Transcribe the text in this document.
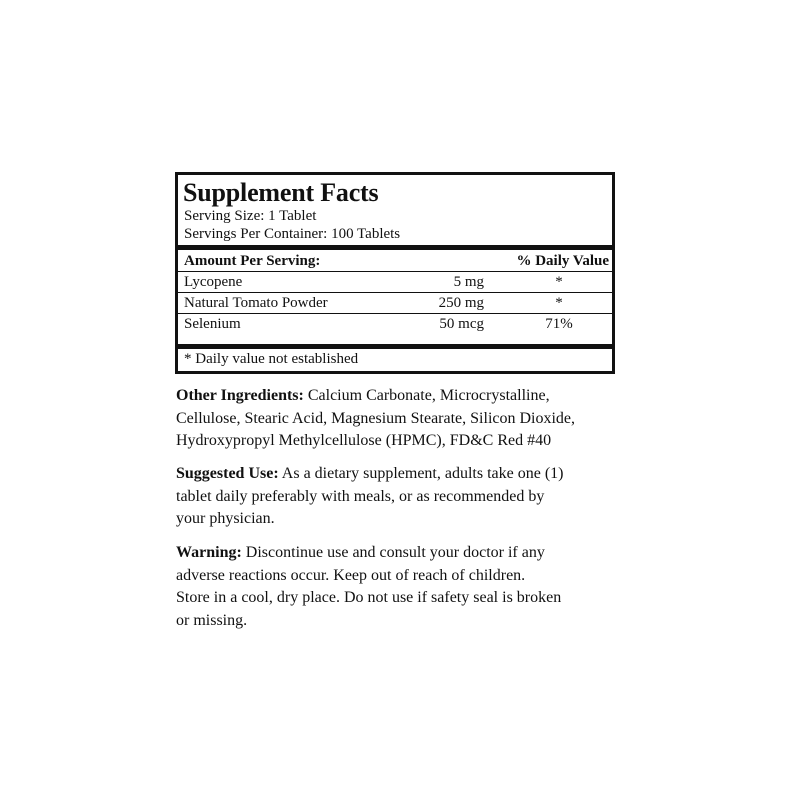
Supplement Facts
Serving Size: 1 Tablet
Servings Per Container: 100 Tablets
Amount Per Serving:		% Daily Value
Lycopene	5 mg	*
Natural Tomato Powder	250 mg	*
Selenium	50 mcg	71%
* Daily value not established
Other Ingredients: Calcium Carbonate, Microcrystalline,
Cellulose, Stearic Acid, Magnesium Stearate, Silicon Dioxide,
Hydroxypropyl Methylcellulose (HPMC), FD&C Red #40
Suggested Use: As a dietary supplement, adults take one (1)
tablet daily preferably with meals, or as recommended by
your physician.
Warning: Discontinue use and consult your doctor if any
adverse reactions occur. Keep out of reach of children.
Store in a cool, dry place. Do not use if safety seal is broken
or missing.
